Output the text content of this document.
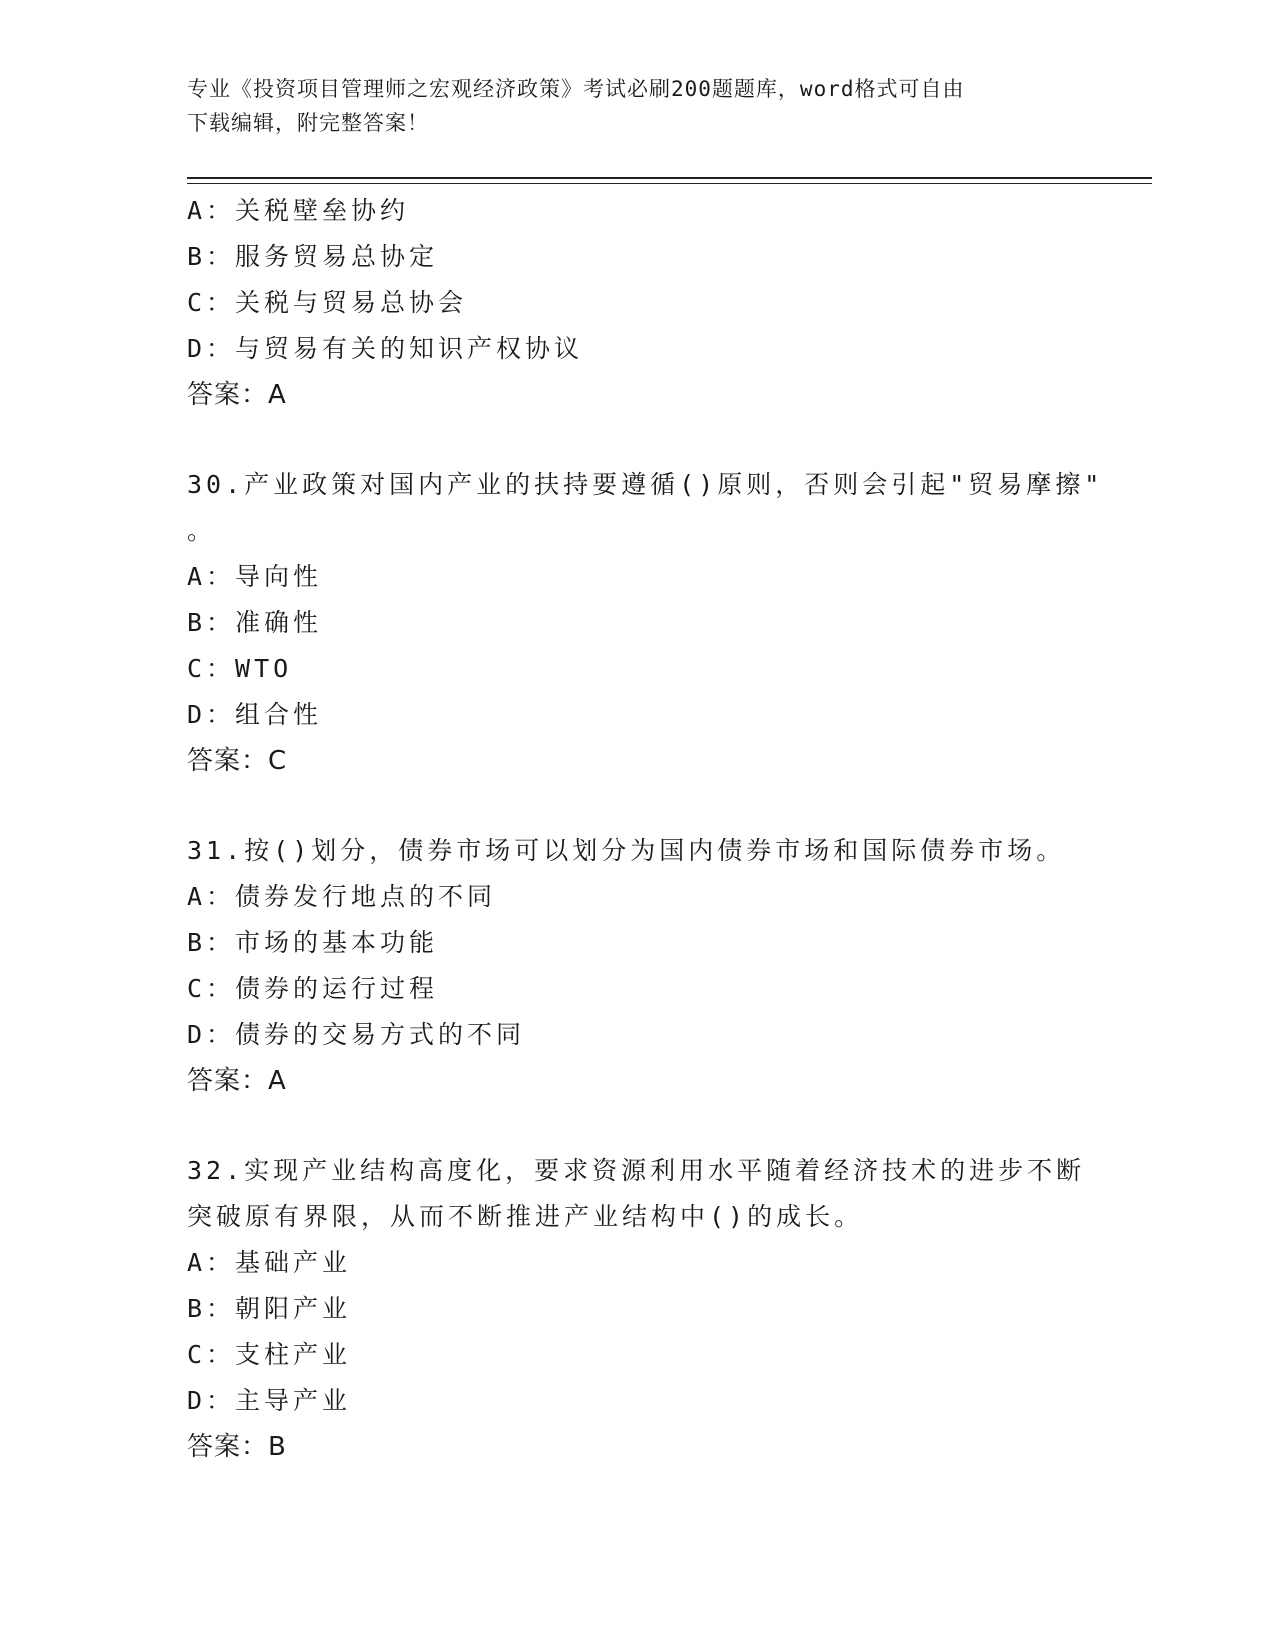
专业《投资项目管理师之宏观经济政策》考试必刷200题题库，word格式可自由
下载编辑，附完整答案！
A：关税壁垒协约
B：服务贸易总协定
C：关税与贸易总协会
D：与贸易有关的知识产权协议
答案：A
30.产业政策对国内产业的扶持要遵循()原则，否则会引起"贸易摩擦"
。
A：导向性
B：准确性
C：WTO
D：组合性
答案：C
31.按()划分，债券市场可以划分为国内债券市场和国际债券市场。
A：债券发行地点的不同
B：市场的基本功能
C：债券的运行过程
D：债券的交易方式的不同
答案：A
32.实现产业结构高度化，要求资源利用水平随着经济技术的进步不断
突破原有界限，从而不断推进产业结构中()的成长。
A：基础产业
B：朝阳产业
C：支柱产业
D：主导产业
答案：B
